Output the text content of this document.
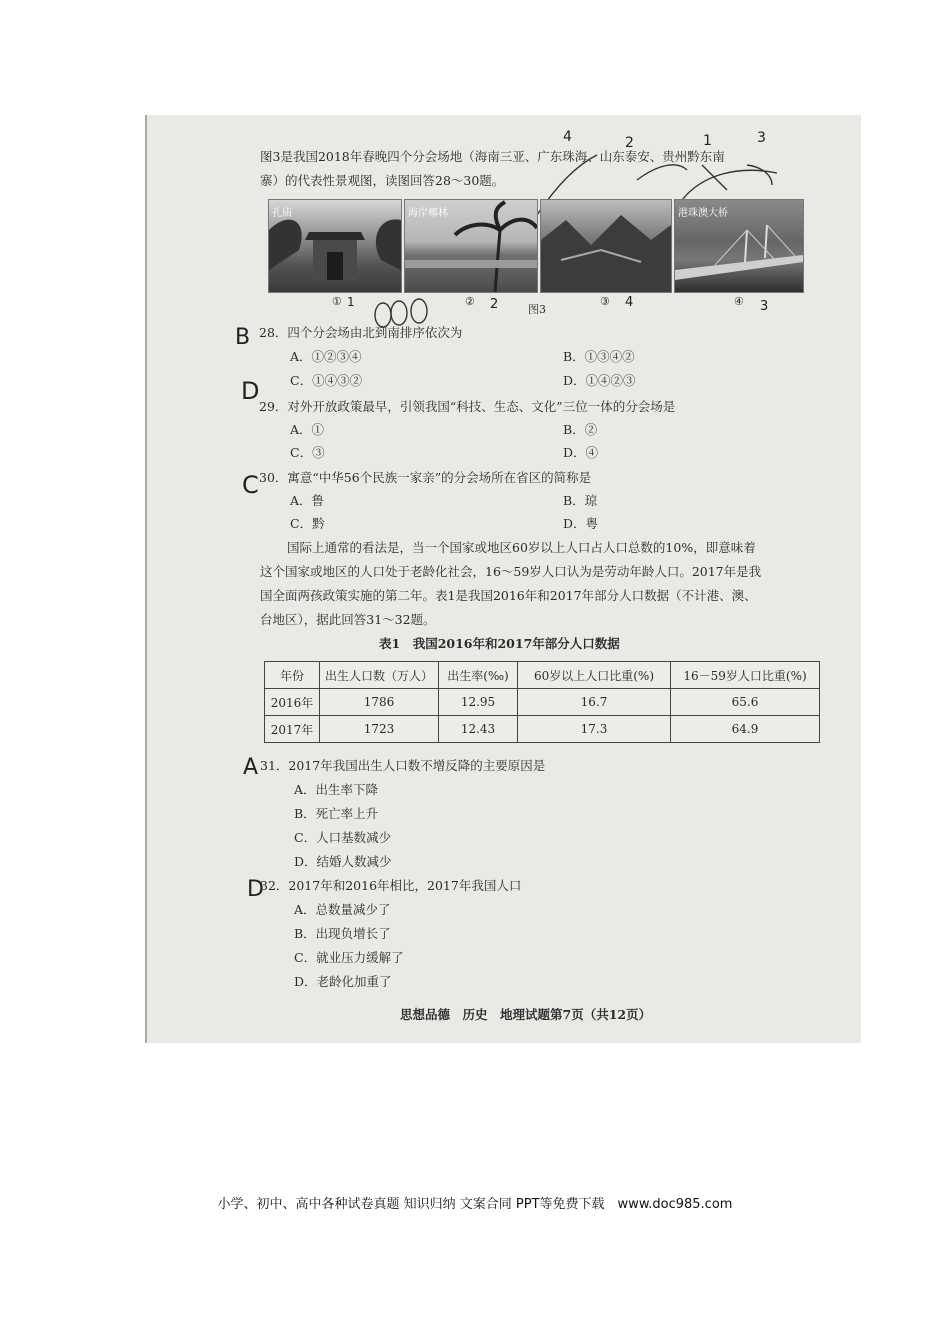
图3是我国2018年春晚四个分会场地（海南三亚、广东珠海、山东泰安、贵州黔东南
寨）的代表性景观图，读图回答28～30题。
4	2	1	3
孔庙	海岸椰林	港珠澳大桥
①	②	③	④
图3
1	2	4	3
B 28．四个分会场由北到南排序依次为
A．①②③④	B．①③④②
C．①④③②	D．①④②③
D
29．对外开放政策最早，引领我国“科技、生态、文化”三位一体的分会场是
A．①	B．②
C．③	D．④
C 30．寓意“中华56个民族一家亲”的分会场所在省区的简称是
A．鲁	B．琼
C．黔	D．粤
国际上通常的看法是，当一个国家或地区60岁以上人口占人口总数的10%，即意味着
这个国家或地区的人口处于老龄化社会，16～59岁人口认为是劳动年龄人口。2017年是我
国全面两孩政策实施的第二年。表1是我国2016年和2017年部分人口数据（不计港、澳、
台地区），据此回答31～32题。
表1　我国2016年和2017年部分人口数据
年份	出生人口数（万人）	出生率(‰)	60岁以上人口比重(%)	16－59岁人口比重(%)
2016年	1786	12.95	16.7	65.6
2017年	1723	12.43	17.3	64.9
A 31．2017年我国出生人口数不增反降的主要原因是
A．出生率下降
B．死亡率上升
C．人口基数减少
D．结婚人数减少
D
32．2017年和2016年相比，2017年我国人口
A．总数量减少了
B．出现负增长了
C．就业压力缓解了
D．老龄化加重了
思想品德　历史　地理试题第7页（共12页）
小学、初中、高中各种试卷真题 知识归纳 文案合同 PPT等免费下载　www.doc985.com
